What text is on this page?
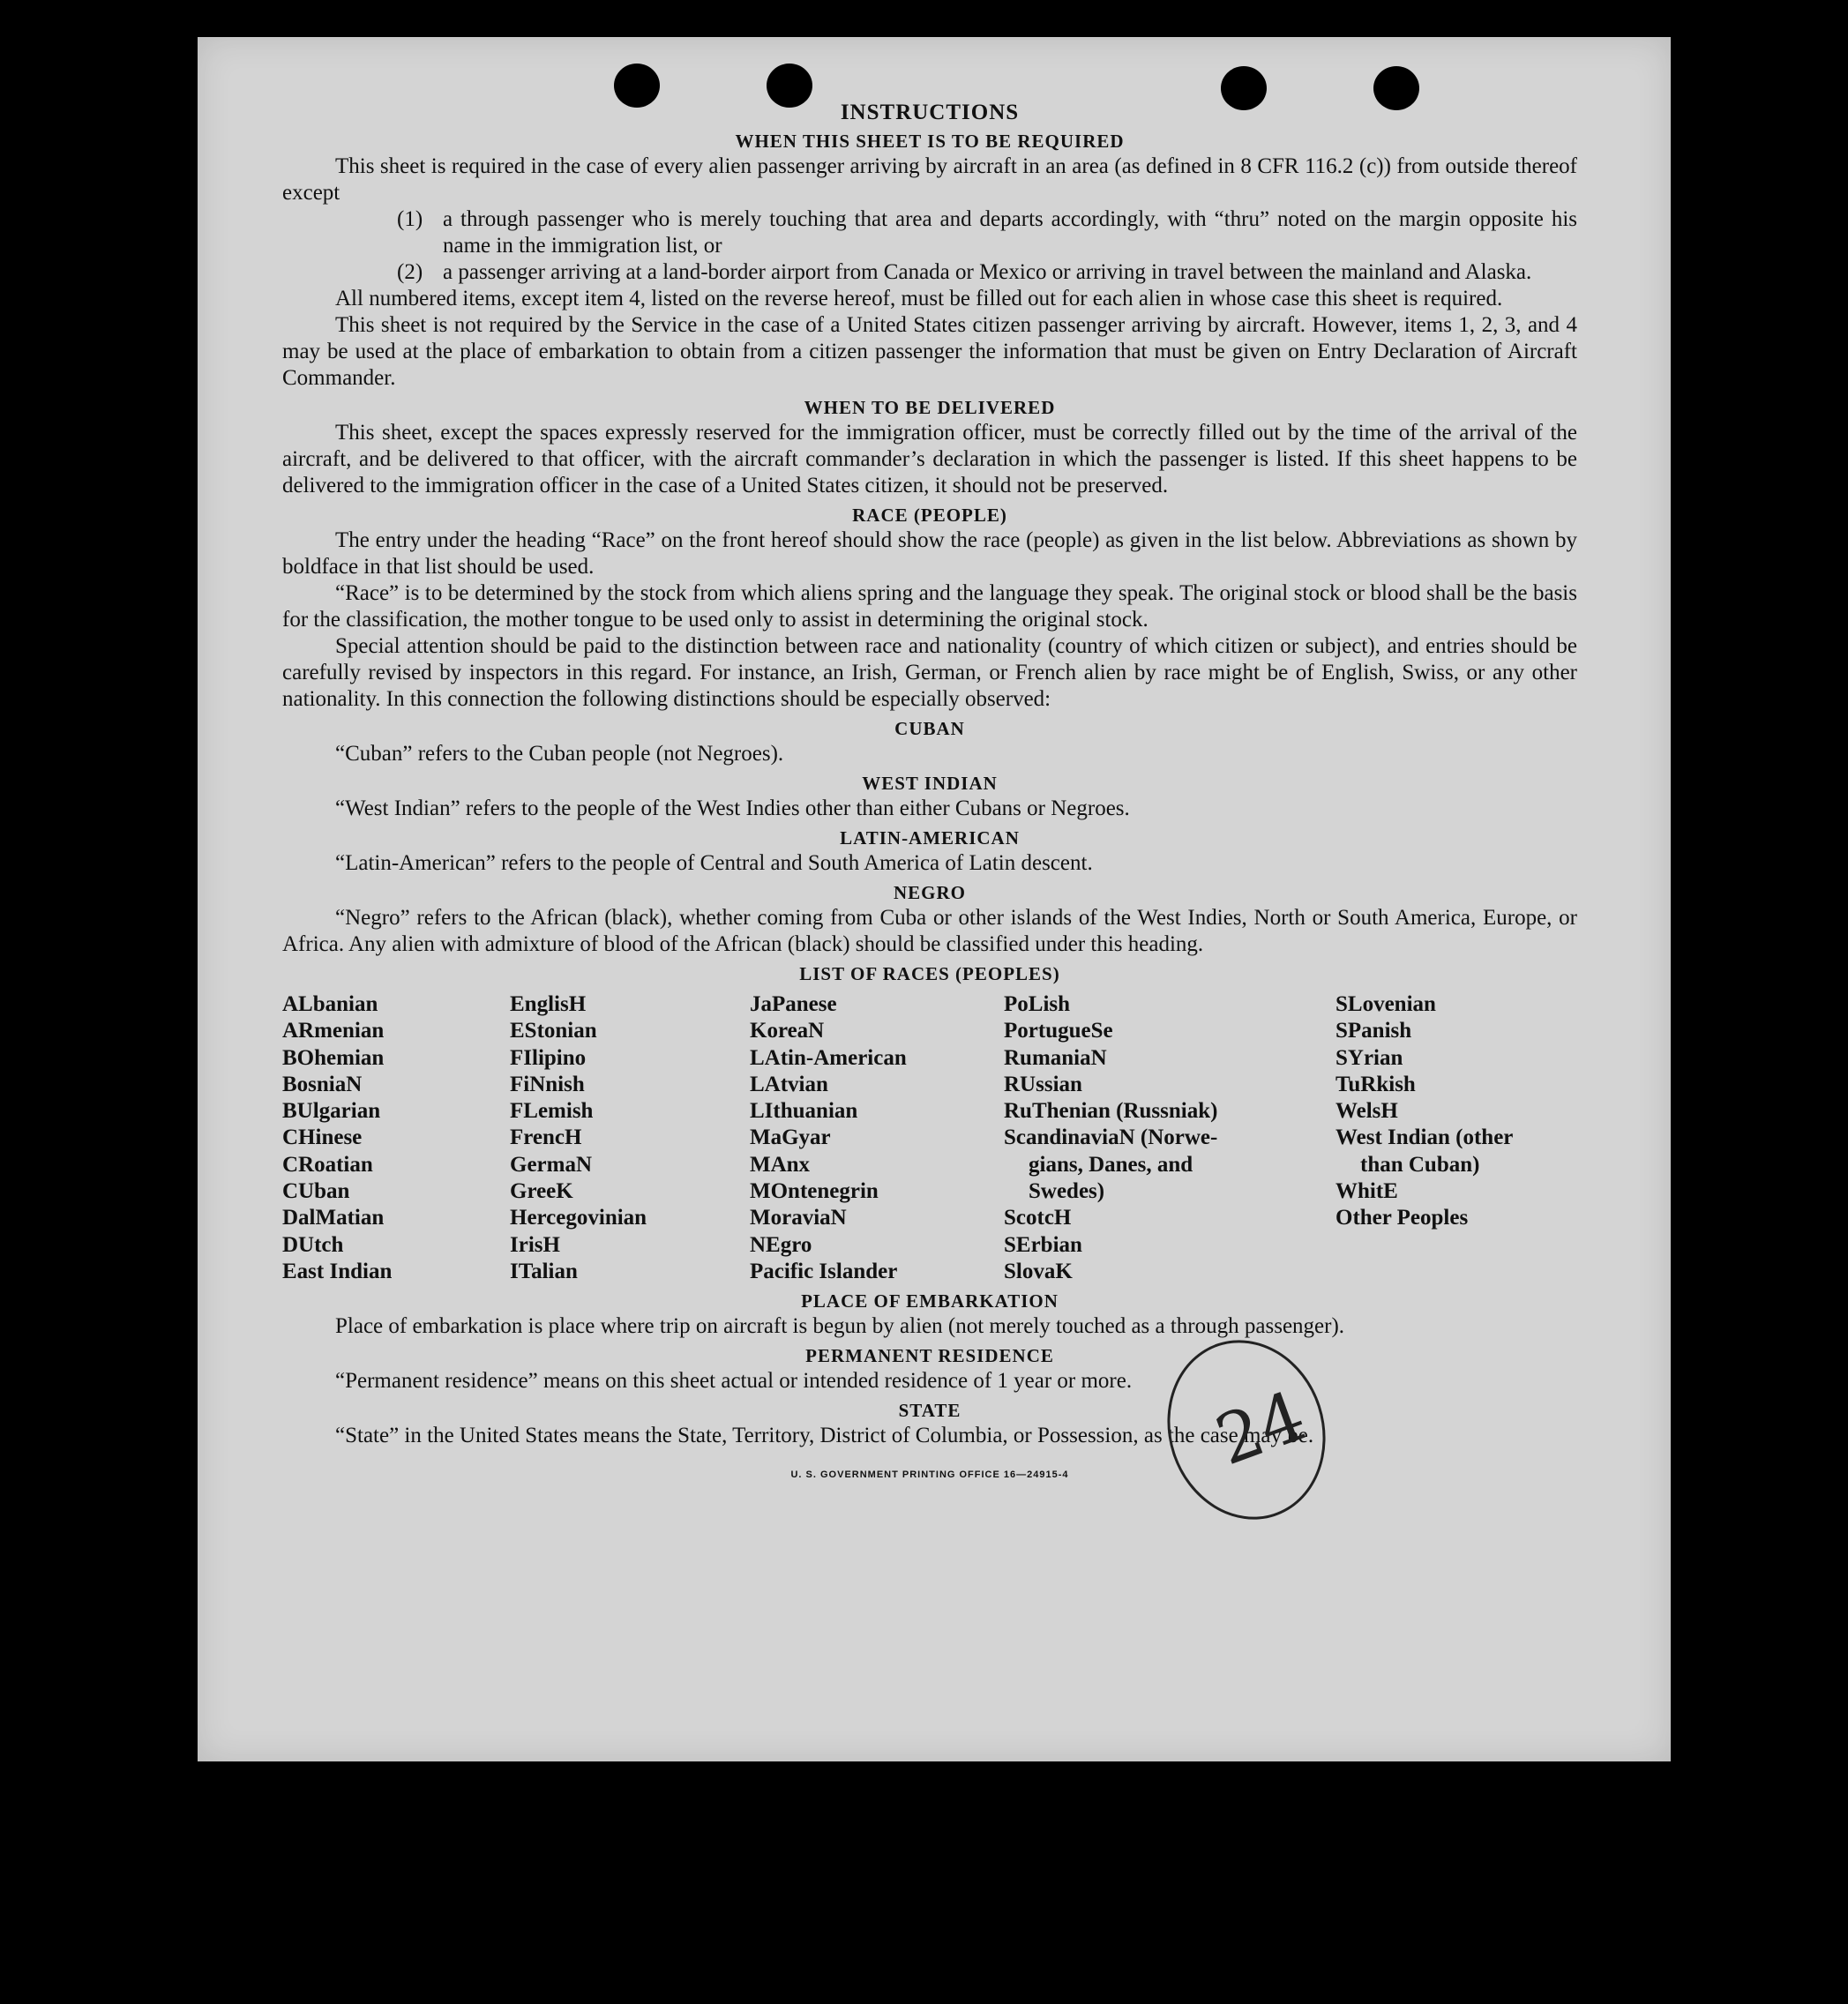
INSTRUCTIONS
WHEN THIS SHEET IS TO BE REQUIRED

This sheet is required in the case of every alien passenger arriving by aircraft in an area (as defined in 8 CFR 116.2 (c)) from outside thereof except

(1) a through passenger who is merely touching that area and departs accordingly, with “thru” noted on the margin opposite his name in the immigration list, or
(2) a passenger arriving at a land-border airport from Canada or Mexico or arriving in travel between the mainland and Alaska.

All numbered items, except item 4, listed on the reverse hereof, must be filled out for each alien in whose case this sheet is required.

This sheet is not required by the Service in the case of a United States citizen passenger arriving by aircraft. However, items 1, 2, 3, and 4 may be used at the place of embarkation to obtain from a citizen passenger the information that must be given on Entry Declaration of Aircraft Commander.

WHEN TO BE DELIVERED

This sheet, except the spaces expressly reserved for the immigration officer, must be correctly filled out by the time of the arrival of the aircraft, and be delivered to that officer, with the aircraft commander’s declaration in which the passenger is listed. If this sheet happens to be delivered to the immigration officer in the case of a United States citizen, it should not be preserved.

RACE (PEOPLE)

The entry under the heading “Race” on the front hereof should show the race (people) as given in the list below. Abbreviations as shown by boldface in that list should be used.

“Race” is to be determined by the stock from which aliens spring and the language they speak. The original stock or blood shall be the basis for the classification, the mother tongue to be used only to assist in determining the original stock.

Special attention should be paid to the distinction between race and nationality (country of which citizen or subject), and entries should be carefully revised by inspectors in this regard. For instance, an Irish, German, or French alien by race might be of English, Swiss, or any other nationality. In this connection the following distinctions should be especially observed:

CUBAN

“Cuban” refers to the Cuban people (not Negroes).

WEST INDIAN

“West Indian” refers to the people of the West Indies other than either Cubans or Negroes.

LATIN-AMERICAN

“Latin-American” refers to the people of Central and South America of Latin descent.

NEGRO

“Negro” refers to the African (black), whether coming from Cuba or other islands of the West Indies, North or South America, Europe, or Africa. Any alien with admixture of blood of the African (black) should be classified under this heading.

LIST OF RACES (PEOPLES)
ALbanian
ARmenian
BOhemian
BosniaN
BUlgarian
CHinese
CRoatian
CUban
DalMatian
DUtch
East Indian
EnglisH
EStonian
FIlipino
FiNnish
FLemish
FrencH
GermaN
GreeK
Hercegovinian
IrisH
ITalian
JaPanese
KoreaN
LAtin-American
LAtvian
LIthuanian
MaGyar
MAnx
MOntenegrin
MoraviaN
NEgro
Pacific Islander
PoLish
PortugueSe
RumaniaN
RUssian
RuThenian (Russniak)
ScandinaviaN (Norwe-
gians, Danes, and
Swedes)
ScotcH
SErbian
SlovaK
SLovenian
SPanish
SYrian
TuRkish
WelsH
West Indian (other
than Cuban)
WhitE
Other Peoples
PLACE OF EMBARKATION

Place of embarkation is place where trip on aircraft is begun by alien (not merely touched as a through passenger).

PERMANENT RESIDENCE

“Permanent residence” means on this sheet actual or intended residence of 1 year or more.

STATE

“State” in the United States means the State, Territory, District of Columbia, or Possession, as the case may be.

U. S. GOVERNMENT PRINTING OFFICE 16—24915-4	24
